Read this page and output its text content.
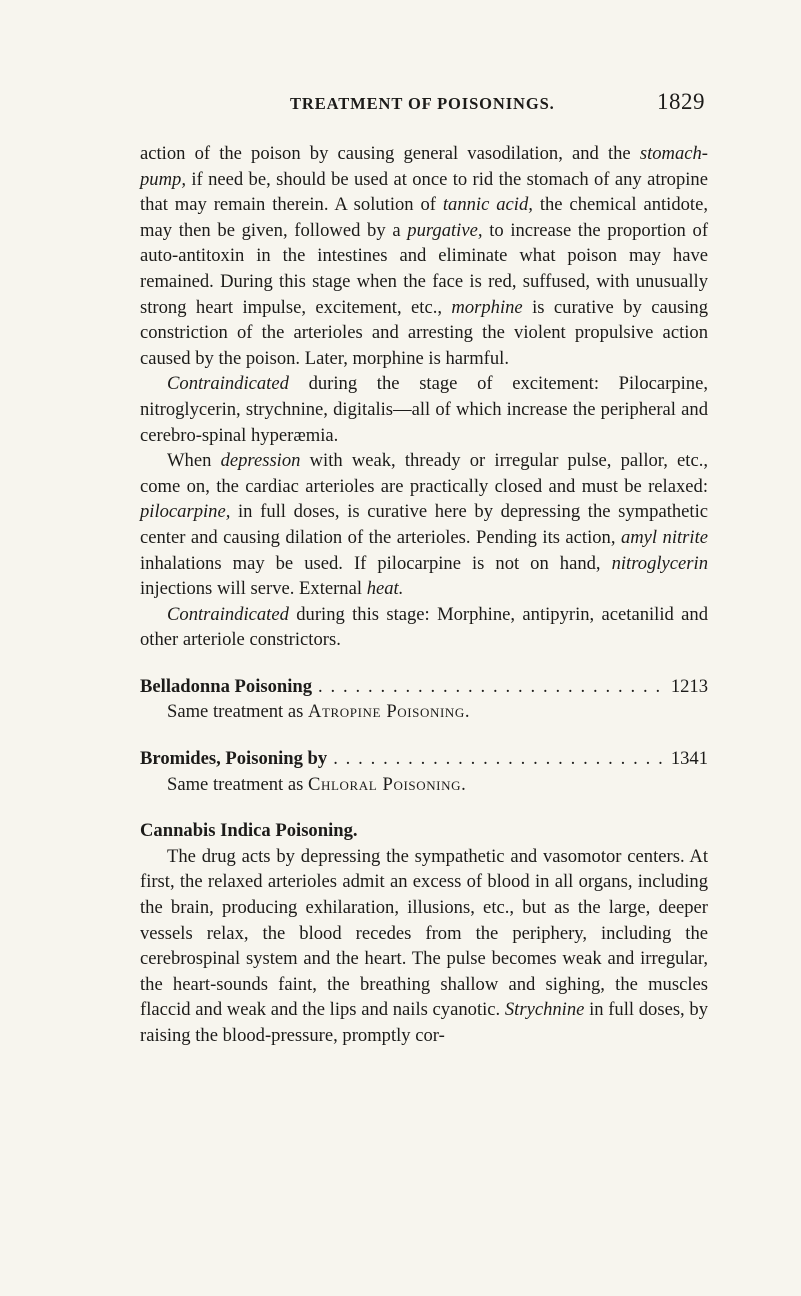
TREATMENT OF POISONINGS.	1829

action of the poison by causing general vasodilation, and the stomach-pump, if need be, should be used at once to rid the stomach of any atropine that may remain therein. A solution of tannic acid, the chemical antidote, may then be given, followed by a purgative, to increase the proportion of auto-antitoxin in the intestines and eliminate what poison may have remained. During this stage when the face is red, suffused, with unusually strong heart impulse, excitement, etc., morphine is curative by causing constriction of the arterioles and arresting the violent propulsive action caused by the poison. Later, morphine is harmful.

Contraindicated during the stage of excitement: Pilocarpine, nitroglycerin, strychnine, digitalis—all of which increase the peripheral and cerebro-spinal hyperæmia.

When depression with weak, thready or irregular pulse, pallor, etc., come on, the cardiac arterioles are practically closed and must be relaxed: pilocarpine, in full doses, is curative here by depressing the sympathetic center and causing dilation of the arterioles. Pending its action, amyl nitrite inhalations may be used. If pilocarpine is not on hand, nitroglycerin injections will serve. External heat.

Contraindicated during this stage: Morphine, antipyrin, acetanilid and other arteriole constrictors.

Belladonna Poisoning . . .	1213

Same treatment as Atropine Poisoning.

Bromides, Poisoning by . . .	1341

Same treatment as Chloral Poisoning.

Cannabis Indica Poisoning.

The drug acts by depressing the sympathetic and vasomotor centers. At first, the relaxed arterioles admit an excess of blood in all organs, including the brain, producing exhilaration, illusions, etc., but as the large, deeper vessels relax, the blood recedes from the periphery, including the cerebrospinal system and the heart. The pulse becomes weak and irregular, the heart-sounds faint, the breathing shallow and sighing, the muscles flaccid and weak and the lips and nails cyanotic. Strychnine in full doses, by raising the blood-pressure, promptly cor-
